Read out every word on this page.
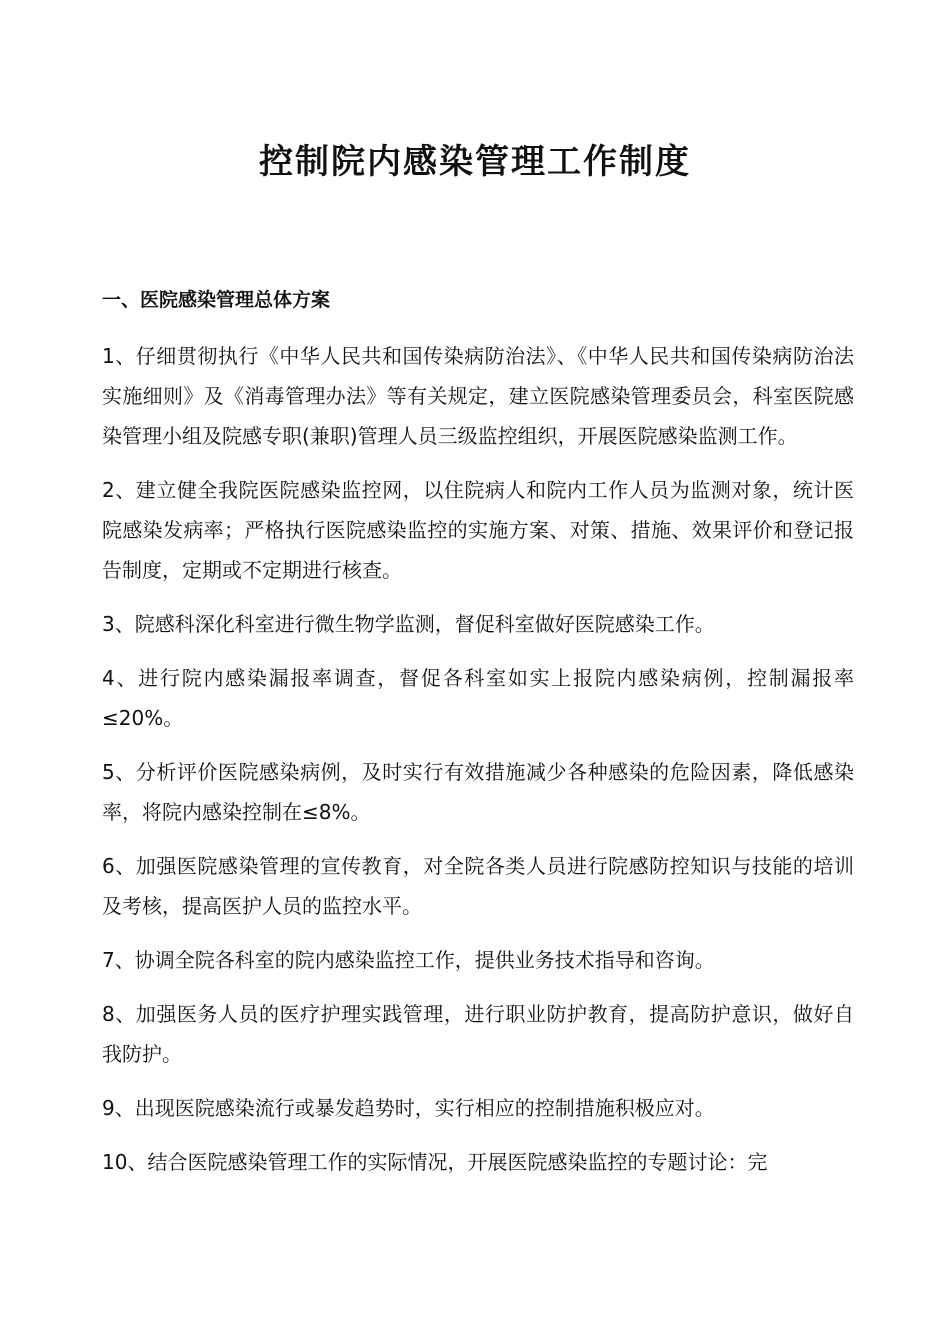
控制院内感染管理工作制度
一、医院感染管理总体方案

1、仔细贯彻执行《中华人民共和国传染病防治法》、《中华人民共和国传染病防治法实施细则》及《消毒管理办法》等有关规定，建立医院感染管理委员会，科室医院感染管理小组及院感专职(兼职)管理人员三级监控组织，开展医院感染监测工作。

2、建立健全我院医院感染监控网，以住院病人和院内工作人员为监测对象，统计医院感染发病率；严格执行医院感染监控的实施方案、对策、措施、效果评价和登记报告制度，定期或不定期进行核查。

3、院感科深化科室进行微生物学监测，督促科室做好医院感染工作。

4、进行院内感染漏报率调查，督促各科室如实上报院内感染病例，控制漏报率≤20%。

5、分析评价医院感染病例，及时实行有效措施减少各种感染的危险因素，降低感染率，将院内感染控制在≤8%。

6、加强医院感染管理的宣传教育，对全院各类人员进行院感防控知识与技能的培训及考核，提高医护人员的监控水平。

7、协调全院各科室的院内感染监控工作，提供业务技术指导和咨询。

8、加强医务人员的医疗护理实践管理，进行职业防护教育，提高防护意识，做好自我防护。

9、出现医院感染流行或暴发趋势时，实行相应的控制措施积极应对。

10、结合医院感染管理工作的实际情况，开展医院感染监控的专题讨论：完
